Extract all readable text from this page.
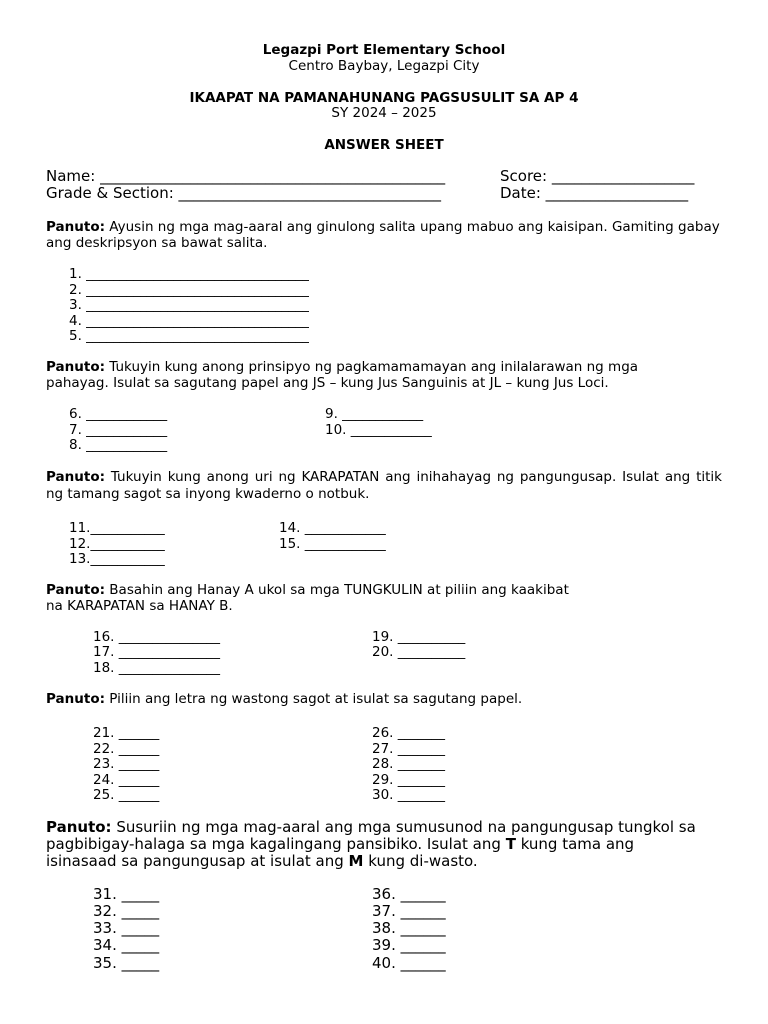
Legazpi Port Elementary School
Centro Baybay, Legazpi City
IKAAPAT NA PAMANAHUNANG PAGSUSULIT SA AP 4
SY 2024 – 2025
ANSWER SHEET
Name: ______________________________________________	Score: ___________________
Grade & Section: ___________________________________	Date: ___________________
Panuto: Ayusin ng mga mag-aaral ang ginulong salita upang mabuo ang kaisipan. Gamiting gabay ang deskripsyon sa bawat salita.
1. _________________________________
2. _________________________________
3. _________________________________
4. _________________________________
5. _________________________________
Panuto: Tukuyin kung anong prinsipyo ng pagkamamamayan ang inilalarawan ng mga
pahayag. Isulat sa sagutang papel ang JS – kung Jus Sanguinis at JL – kung Jus Loci.
6. ____________
7. ____________
8. ____________
9. ____________
10. ____________
Panuto: Tukuyin kung anong uri ng KARAPATAN ang inihahayag ng pangungusap. Isulat ang titik ng tamang sagot sa inyong kwaderno o notbuk.
11.___________
12.___________
13.___________
14. ____________
15. ____________
Panuto: Basahin ang Hanay A ukol sa mga TUNGKULIN at piliin ang kaakibat
na KARAPATAN sa HANAY B.
16. _______________
17. _______________
18. _______________
19. __________
20. __________
Panuto: Piliin ang letra ng wastong sagot at isulat sa sagutang papel.
21. ______
22. ______
23. ______
24. ______
25. ______
26. _______
27. _______
28. _______
29. _______
30. _______
Panuto: Susuriin ng mga mag-aaral ang mga sumusunod na pangungusap tungkol sa
pagbibigay-halaga sa mga kagalingang pansibiko. Isulat ang T kung tama ang
isinasaad sa pangungusap at isulat ang M kung di-wasto.
31. _____
32. _____
33. _____
34. _____
35. _____
36. ______
37. ______
38. ______
39. ______
40. ______
